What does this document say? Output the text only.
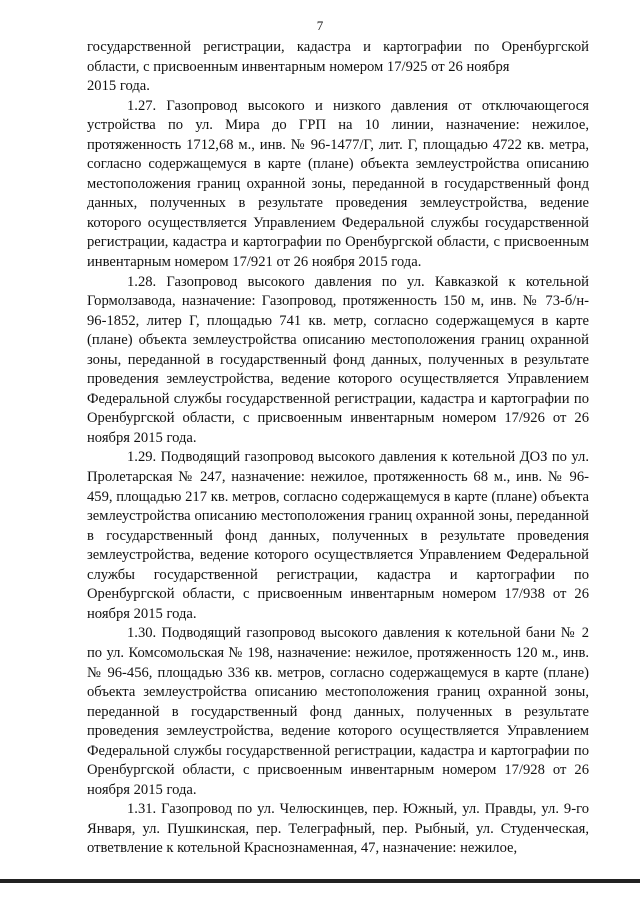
7

государственной регистрации, кадастра и картографии по Оренбургской области, с присвоенным инвентарным номером 17/925 от 26 ноября

2015 года.

1.27. Газопровод высокого и низкого давления от отключающегося устройства по ул. Мира до ГРП на 10 линии, назначение: нежилое, протяженность 1712,68 м., инв. № 96-1477/Г, лит. Г, площадью 4722 кв. метра, согласно содержащемуся в карте (плане) объекта землеустройства описанию местоположения границ охранной зоны, переданной в государственный фонд данных, полученных в результате проведения землеустройства, ведение которого осуществляется Управлением Федеральной службы государственной регистрации, кадастра и картографии по Оренбургской области, с присвоенным инвентарным номером 17/921 от 26 ноября 2015 года.

1.28. Газопровод высокого давления по ул. Кавказкой к котельной Гормолзавода, назначение: Газопровод, протяженность 150 м, инв. № 73-б/н- 96-1852, литер Г, площадью 741 кв. метр, согласно содержащемуся в карте (плане) объекта землеустройства описанию местоположения границ охранной зоны, переданной в государственный фонд данных, полученных в результате проведения землеустройства, ведение которого осуществляется Управлением Федеральной службы государственной регистрации, кадастра и картографии по Оренбургской области, с присвоенным инвентарным номером 17/926 от 26 ноября 2015 года.

1.29. Подводящий газопровод высокого давления к котельной ДОЗ по ул. Пролетарская № 247, назначение: нежилое, протяженность 68 м., инв. № 96-459, площадью 217 кв. метров, согласно содержащемуся в карте (плане) объекта землеустройства описанию местоположения границ охранной зоны, переданной в государственный фонд данных, полученных в результате проведения землеустройства, ведение которого осуществляется Управлением Федеральной службы государственной регистрации, кадастра и картографии по Оренбургской области, с присвоенным инвентарным номером 17/938 от 26 ноября 2015 года.

1.30. Подводящий газопровод высокого давления к котельной бани № 2 по ул. Комсомольская № 198, назначение: нежилое, протяженность 120 м., инв. № 96-456, площадью 336 кв. метров, согласно содержащемуся в карте (плане) объекта землеустройства описанию местоположения границ охранной зоны, переданной в государственный фонд данных, полученных в результате проведения землеустройства, ведение которого осуществляется Управлением Федеральной службы государственной регистрации, кадастра и картографии по Оренбургской области, с присвоенным инвентарным номером 17/928 от 26 ноября 2015 года.

1.31. Газопровод по ул. Челюскинцев, пер. Южный, ул. Правды, ул. 9-го Января, ул. Пушкинская, пер. Телеграфный, пер. Рыбный, ул. Студенческая, ответвление к котельной Краснознаменная, 47, назначение: нежилое,
